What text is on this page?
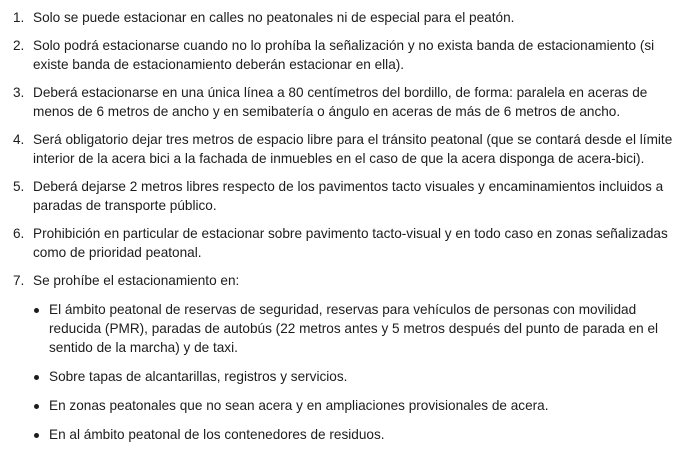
1. Solo se puede estacionar en calles no peatonales ni de especial para el peatón.
2. Solo podrá estacionarse cuando no lo prohíba la señalización y no exista banda de estacionamiento (si existe banda de estacionamiento deberán estacionar en ella).
3. Deberá estacionarse en una única línea a 80 centímetros del bordillo, de forma: paralela en aceras de menos de 6 metros de ancho y en semibatería o ángulo en aceras de más de 6 metros de ancho.
4. Será obligatorio dejar tres metros de espacio libre para el tránsito peatonal (que se contará desde el límite interior de la acera bici a la fachada de inmuebles en el caso de que la acera disponga de acera-bici).
5. Deberá dejarse 2 metros libres respecto de los pavimentos tacto visuales y encaminamientos incluidos a paradas de transporte público.
6. Prohibición en particular de estacionar sobre pavimento tacto-visual y en todo caso en zonas señalizadas como de prioridad peatonal.
7. Se prohíbe el estacionamiento en:
El ámbito peatonal de reservas de seguridad, reservas para vehículos de personas con movilidad reducida (PMR), paradas de autobús (22 metros antes y 5 metros después del punto de parada en el sentido de la marcha) y de taxi.
Sobre tapas de alcantarillas, registros y servicios.
En zonas peatonales que no sean acera y en ampliaciones provisionales de acera.
En al ámbito peatonal de los contenedores de residuos.
